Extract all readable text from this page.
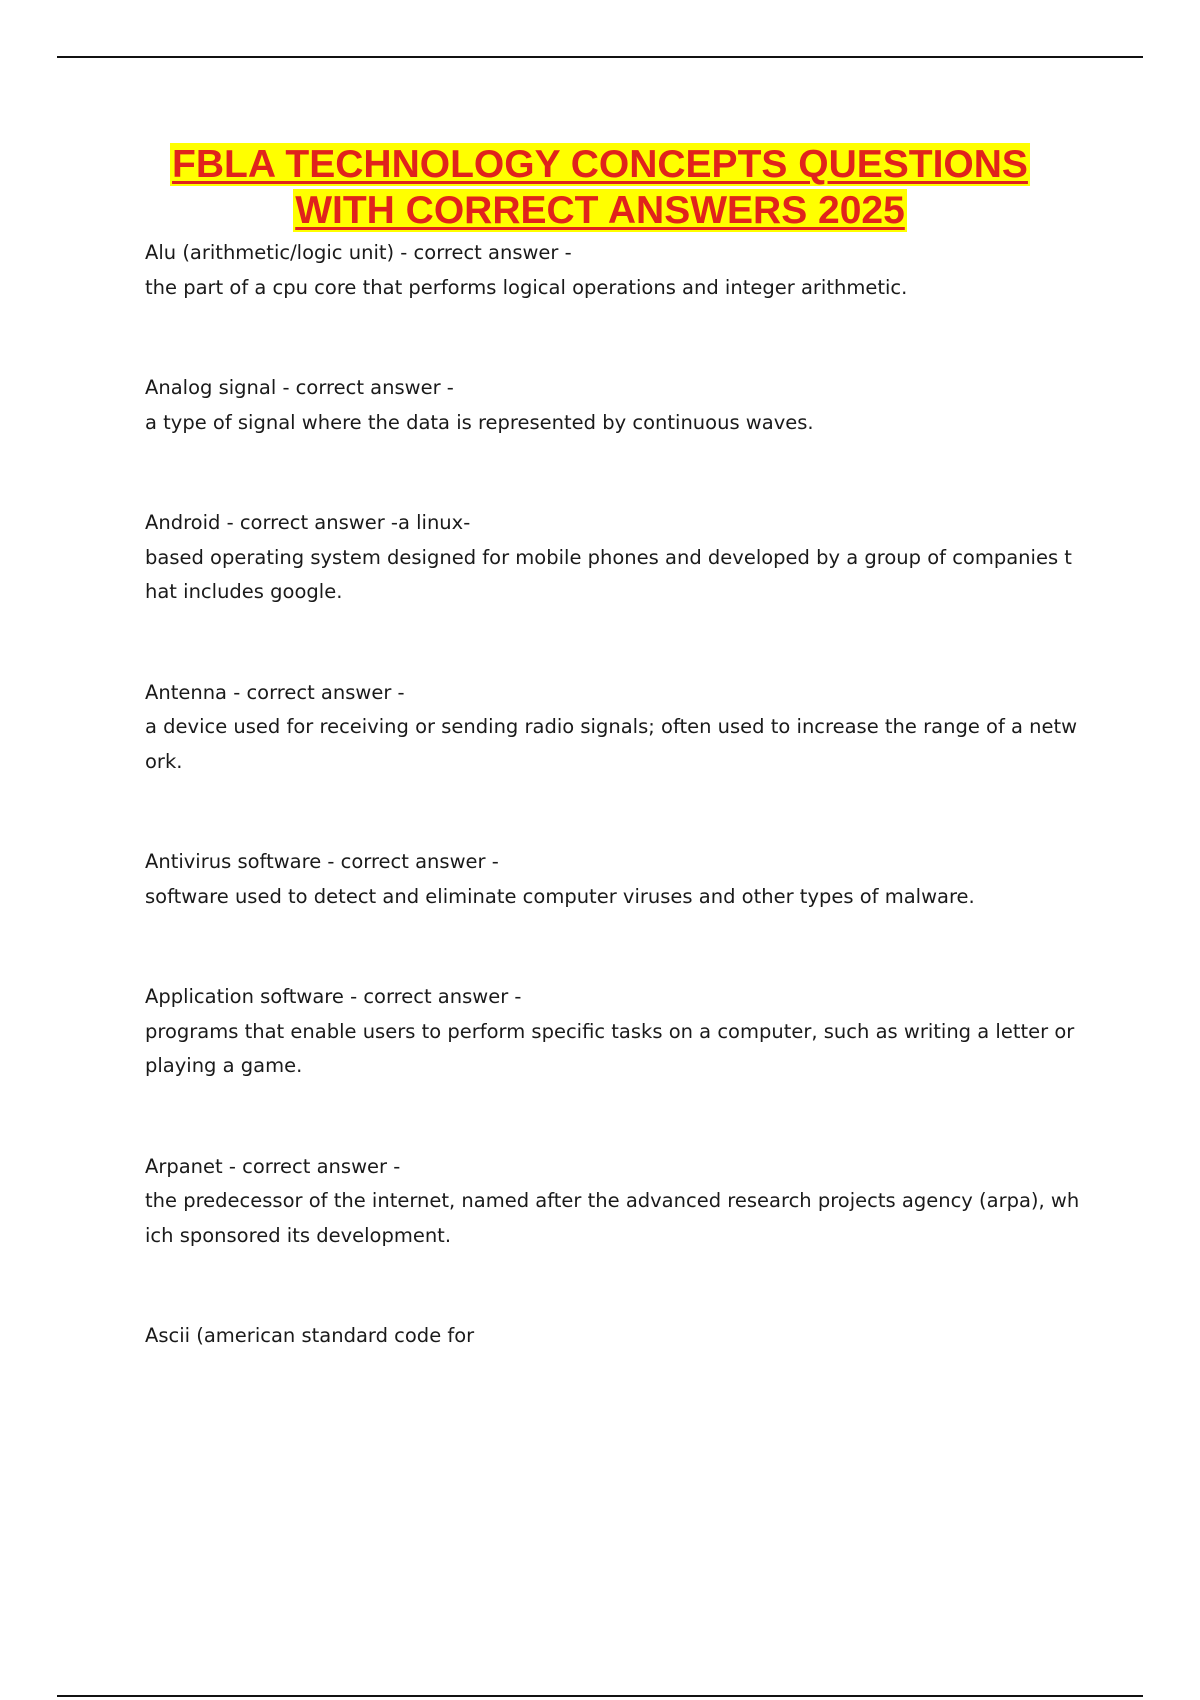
FBLA TECHNOLOGY CONCEPTS QUESTIONS
WITH CORRECT ANSWERS 2025
Alu (arithmetic/logic unit) - correct answer -
the part of a cpu core that performs logical operations and integer arithmetic.
Analog signal - correct answer -
a type of signal where the data is represented by continuous waves.
Android - correct answer -a linux-
based operating system designed for mobile phones and developed by a group of companies t
hat includes google.
Antenna - correct answer -
a device used for receiving or sending radio signals; often used to increase the range of a netw
ork.
Antivirus software - correct answer -
software used to detect and eliminate computer viruses and other types of malware.
Application software - correct answer -
programs that enable users to perform specific tasks on a computer, such as writing a letter or
playing a game.
Arpanet - correct answer -
the predecessor of the internet, named after the advanced research projects agency (arpa), wh
ich sponsored its development.
Ascii (american standard code for
